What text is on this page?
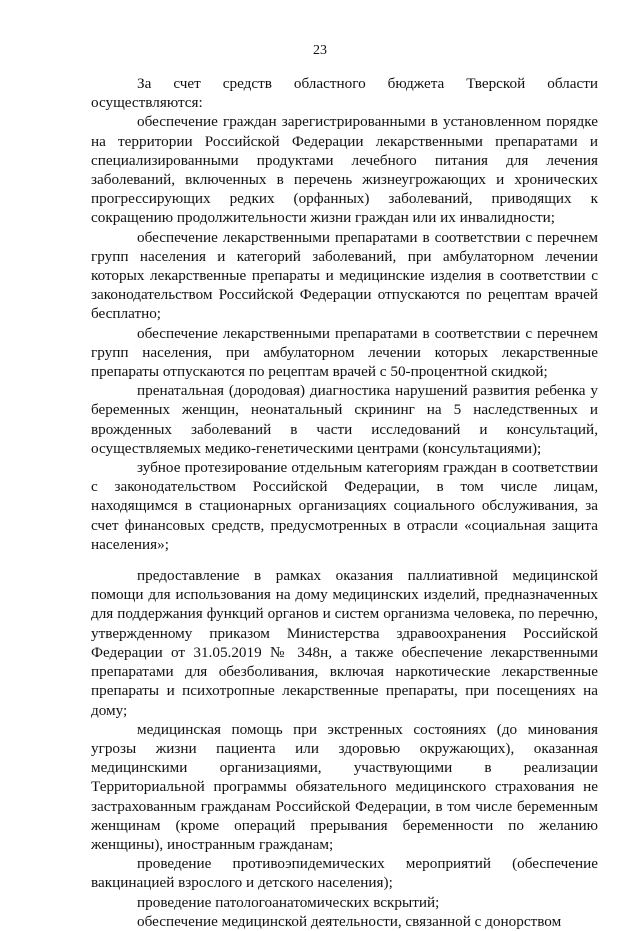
23

За счет средств областного бюджета Тверской области осуществляются:

обеспечение граждан зарегистрированными в установленном порядке на территории Российской Федерации лекарственными препаратами и специализированными продуктами лечебного питания для лечения заболеваний, включенных в перечень жизнеугрожающих и хронических прогрессирующих редких (орфанных) заболеваний, приводящих к сокращению продолжительности жизни граждан или их инвалидности;

обеспечение лекарственными препаратами в соответствии с перечнем групп населения и категорий заболеваний, при амбулаторном лечении которых лекарственные препараты и медицинские изделия в соответствии с законодательством Российской Федерации отпускаются по рецептам врачей бесплатно;

обеспечение лекарственными препаратами в соответствии с перечнем групп населения, при амбулаторном лечении которых лекарственные препараты отпускаются по рецептам врачей с 50-процентной скидкой;

пренатальная (дородовая) диагностика нарушений развития ребенка у беременных женщин, неонатальный скрининг на 5 наследственных и врожденных заболеваний в части исследований и консультаций, осуществляемых медико-генетическими центрами (консультациями);

зубное протезирование отдельным категориям граждан в соответствии с законодательством Российской Федерации, в том числе лицам, находящимся в стационарных организациях социального обслуживания, за счет финансовых средств, предусмотренных в отрасли «социальная защита населения»;

предоставление в рамках оказания паллиативной медицинской помощи для использования на дому медицинских изделий, предназначенных для поддержания функций органов и систем организма человека, по перечню, утвержденному приказом Министерства здравоохранения Российской Федерации от 31.05.2019 № 348н, а также обеспечение лекарственными препаратами для обезболивания, включая наркотические лекарственные препараты и психотропные лекарственные препараты, при посещениях на дому;

медицинская помощь при экстренных состояниях (до минования угрозы жизни пациента или здоровью окружающих), оказанная медицинскими организациями, участвующими в реализации Территориальной программы обязательного медицинского страхования не застрахованным гражданам Российской Федерации, в том числе беременным женщинам (кроме операций прерывания беременности по желанию женщины), иностранным гражданам;

проведение противоэпидемических мероприятий (обеспечение вакцинацией взрослого и детского населения);

проведение патологоанатомических вскрытий;

обеспечение медицинской деятельности, связанной с донорством
